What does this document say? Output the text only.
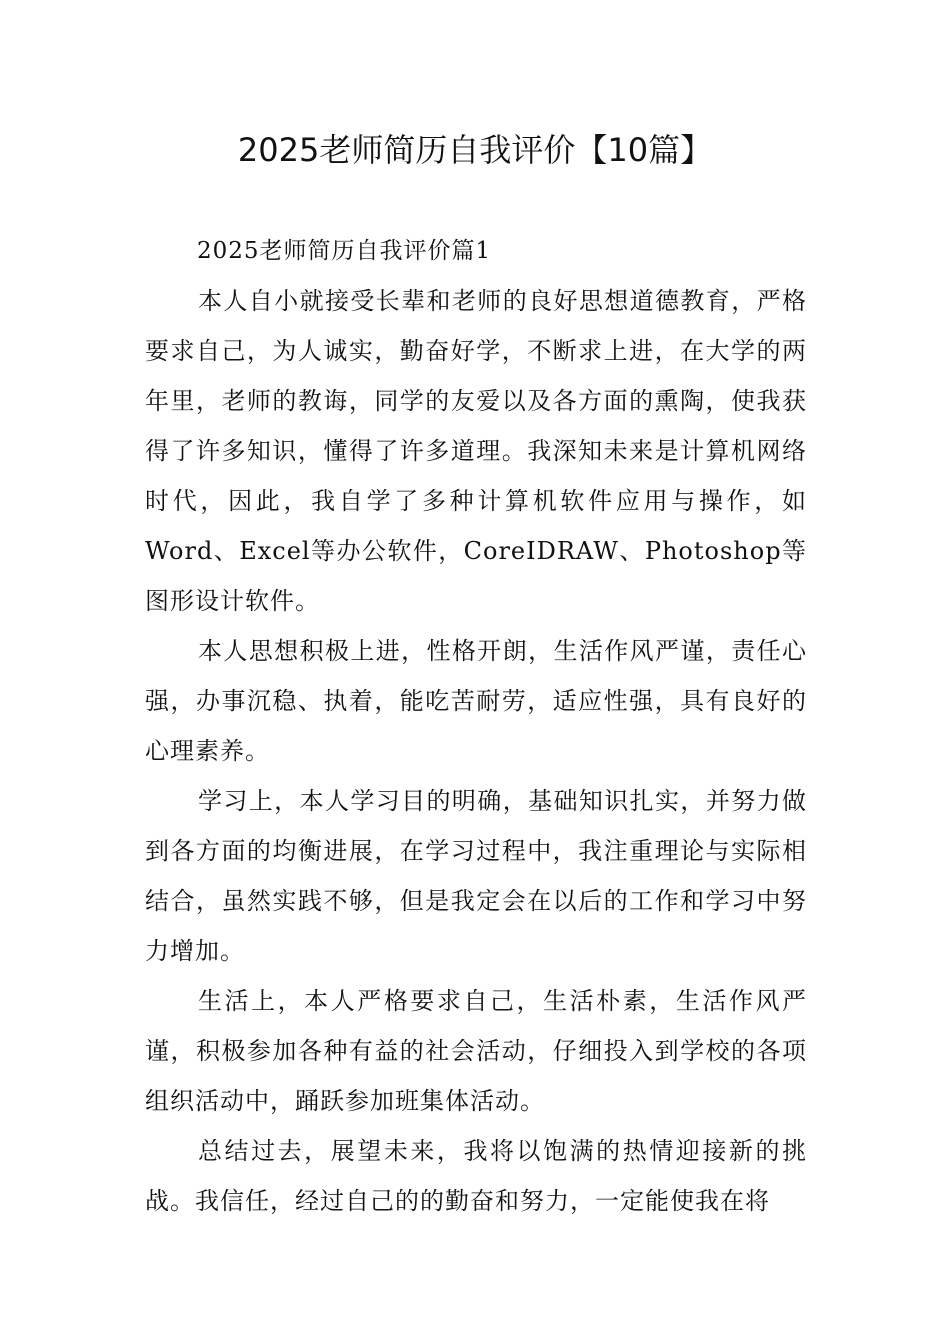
2025老师简历自我评价【10篇】

2025老师简历自我评价篇1

本人自小就接受长辈和老师的良好思想道德教育，严格要求自己，为人诚实，勤奋好学，不断求上进，在大学的两年里，老师的教诲，同学的友爱以及各方面的熏陶，使我获得了许多知识，懂得了许多道理。我深知未来是计算机网络时代，因此，我自学了多种计算机软件应用与操作，如Word、Excel等办公软件，CoreIDRAW、Photoshop等图形设计软件。

本人思想积极上进，性格开朗，生活作风严谨，责任心强，办事沉稳、执着，能吃苦耐劳，适应性强，具有良好的心理素养。

学习上，本人学习目的明确，基础知识扎实，并努力做到各方面的均衡进展，在学习过程中，我注重理论与实际相结合，虽然实践不够，但是我定会在以后的工作和学习中努力增加。

生活上，本人严格要求自己，生活朴素，生活作风严谨，积极参加各种有益的社会活动，仔细投入到学校的各项组织活动中，踊跃参加班集体活动。

总结过去，展望未来，我将以饱满的热情迎接新的挑战。我信任，经过自己的的勤奋和努力，一定能使我在将
